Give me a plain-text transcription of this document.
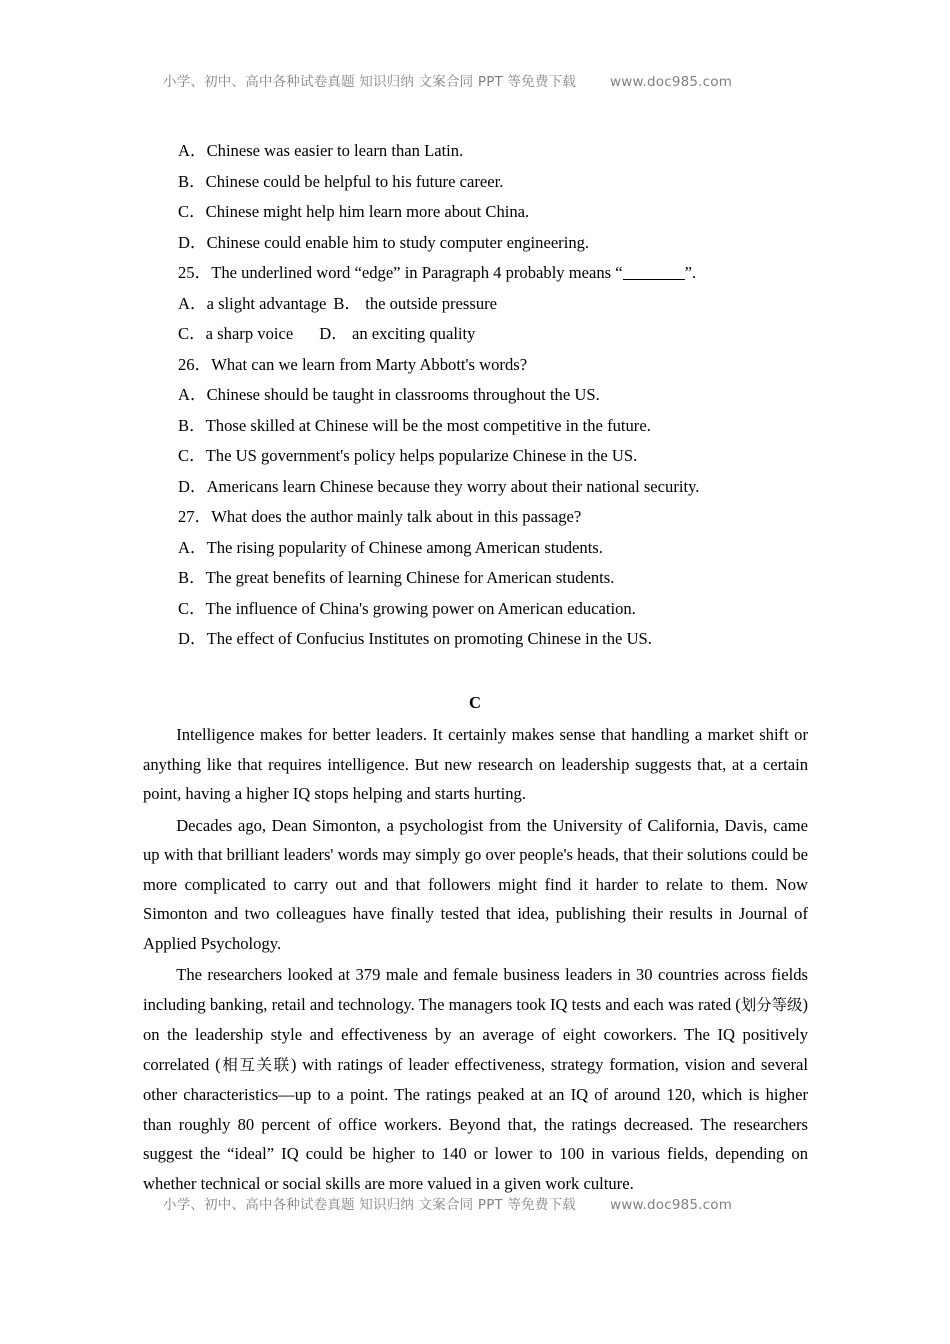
小学、初中、高中各种试卷真题 知识归纳 文案合同 PPT 等免费下载	www.doc985.com
A．Chinese was easier to learn than Latin.
B．Chinese could be helpful to his future career.
C．Chinese might help him learn more about China.
D．Chinese could enable him to study computer engineering.
25．The underlined word “edge” in Paragraph 4 probably means “	”.
A．a slight advantage B． the outside pressure
C．a sharp voice D． an exciting quality
26．What can we learn from Marty Abbott's words?
A．Chinese should be taught in classrooms throughout the US.
B．Those skilled at Chinese will be the most competitive in the future.
C．The US government's policy helps popularize Chinese in the US.
D．Americans learn Chinese because they worry about their national security.
27．What does the author mainly talk about in this passage?
A．The rising popularity of Chinese among American students.
B．The great benefits of learning Chinese for American students.
C．The influence of China's growing power on American education.
D．The effect of Confucius Institutes on promoting Chinese in the US.
C

Intelligence makes for better leaders. It certainly makes sense that handling a market shift or anything like that requires intelligence. But new research on leadership suggests that, at a certain point, having a higher IQ stops helping and starts hurting.

Decades ago, Dean Simonton, a psychologist from the University of California, Davis, came up with that brilliant leaders' words may simply go over people's heads, that their solutions could be more complicated to carry out and that followers might find it harder to relate to them. Now Simonton and two colleagues have finally tested that idea, publishing their results in Journal of Applied Psychology.

The researchers looked at 379 male and female business leaders in 30 countries across fields including banking, retail and technology. The managers took IQ tests and each was rated (划分等级) on the leadership style and effectiveness by an average of eight coworkers. The IQ positively correlated (相互关联) with ratings of leader effectiveness, strategy formation, vision and several other characteristics—up to a point. The ratings peaked at an IQ of around 120, which is higher than roughly 80 percent of office workers. Beyond that, the ratings decreased. The researchers suggest the “ideal” IQ could be higher to 140 or lower to 100 in various fields, depending on whether technical or social skills are more valued in a given work culture.

小学、初中、高中各种试卷真题 知识归纳 文案合同 PPT 等免费下载	www.doc985.com
